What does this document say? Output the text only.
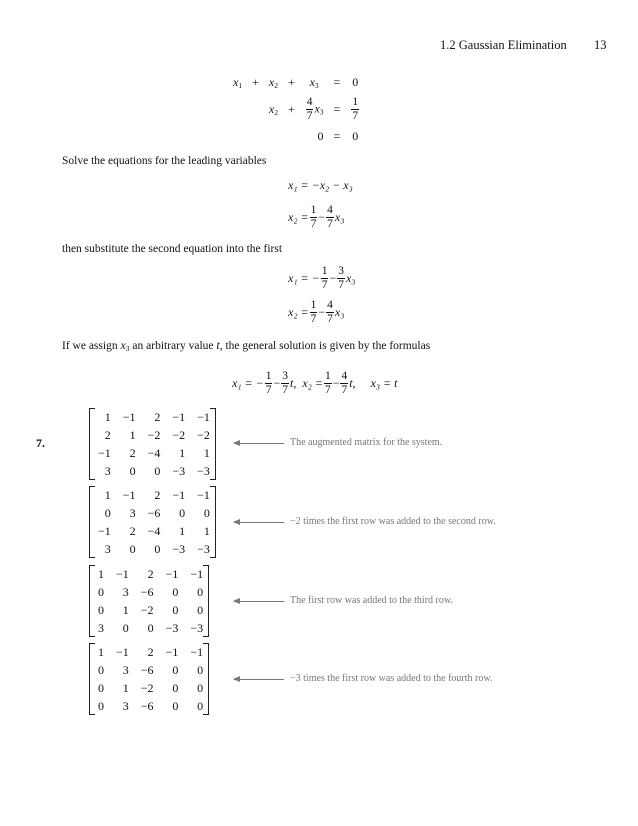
1.2 Gaussian Elimination 13
$x_1$	+	$x_2$	+	$x_3$	=	0
		$x_2$	+	$\frac{4}{7} x_3$	=	$\frac{1}{7}$

				0	=	0
Solve the equations for the leading variables
x₁ = −x₂ − x₃
$x_2 = \frac{1}{7} - \frac{4}{7} x_3$
then substitute the second equation into the first
x₁ = − $\frac{1}{7} - \frac{3}{7} x_3$
$x_2 = \frac{1}{7} - \frac{4}{7} x_3$
If we assign
$x_3$
an arbitrary value
t , the general solution is given by the formulas
x₁ = − $\frac{1}{7} - \frac{3}{7} t$,
$x_2 = \frac{1}{7} - \frac{4}{7} t$,
x₃ = t
7.
1	−1	2	−1	−1
2	1	−2	−2	−2
−1	2	−4	1	1
3	0	0	−3	−3
The augmented matrix for the system.
1	−1	2	−1	−1
0	3	−6	0	0
−1	2	−4	1	1
3	0	0	−3	−3
−2 times the first row was added to the second row.
1	−1	2	−1	−1
0	3	−6	0	0
0	1	−2	0	0
3	0	0	−3	−3
The first row was added to the third row.
1	−1	2	−1	−1
0	3	−6	0	0
0	1	−2	0	0
0	3	−6	0	0
−3 times the first row was added to the fourth row.
